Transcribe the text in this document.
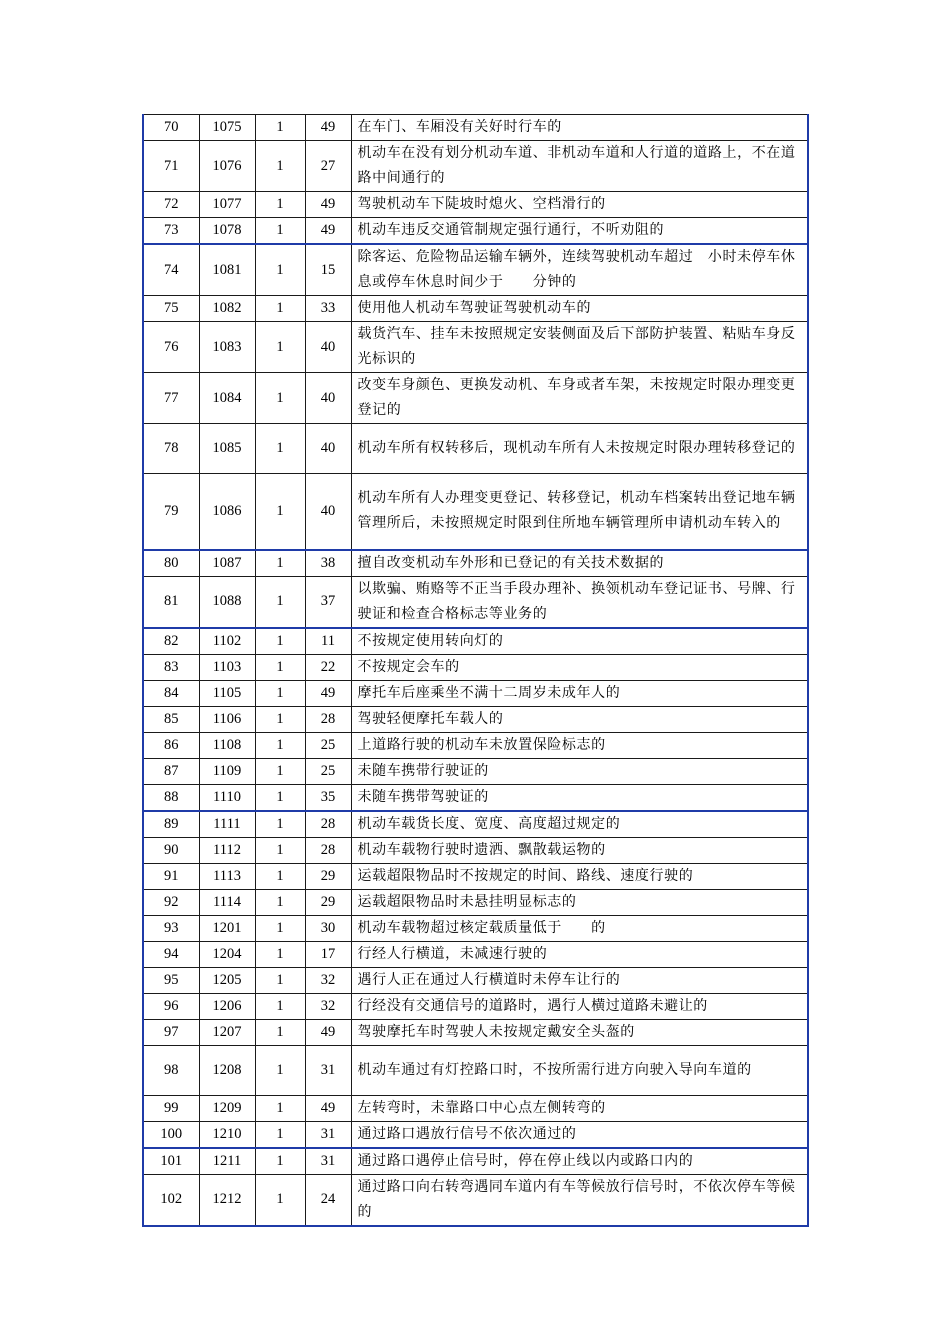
70	1075	1	49	在车门、车厢没有关好时行车的
71	1076	1	27	机动车在没有划分机动车道、非机动车道和人行道的道路上，不在道路中间通行的
72	1077	1	49	驾驶机动车下陡坡时熄火、空档滑行的
73	1078	1	49	机动车违反交通管制规定强行通行，不听劝阻的
74	1081	1	15	除客运、危险物品运输车辆外，连续驾驶机动车超过　小时未停车休息或停车休息时间少于　　分钟的
75	1082	1	33	使用他人机动车驾驶证驾驶机动车的
76	1083	1	40	载货汽车、挂车未按照规定安装侧面及后下部防护装置、粘贴车身反光标识的
77	1084	1	40	改变车身颜色、更换发动机、车身或者车架，未按规定时限办理变更登记的
78	1085	1	40	机动车所有权转移后，现机动车所有人未按规定时限办理转移登记的
79	1086	1	40	机动车所有人办理变更登记、转移登记，机动车档案转出登记地车辆管理所后，未按照规定时限到住所地车辆管理所申请机动车转入的
80	1087	1	38	擅自改变机动车外形和已登记的有关技术数据的
81	1088	1	37	以欺骗、贿赂等不正当手段办理补、换领机动车登记证书、号牌、行驶证和检查合格标志等业务的
82	1102	1	11	不按规定使用转向灯的
83	1103	1	22	不按规定会车的
84	1105	1	49	摩托车后座乘坐不满十二周岁未成年人的
85	1106	1	28	驾驶轻便摩托车载人的
86	1108	1	25	上道路行驶的机动车未放置保险标志的
87	1109	1	25	未随车携带行驶证的
88	1110	1	35	未随车携带驾驶证的
89	1111	1	28	机动车载货长度、宽度、高度超过规定的
90	1112	1	28	机动车载物行驶时遗洒、飘散载运物的
91	1113	1	29	运载超限物品时不按规定的时间、路线、速度行驶的
92	1114	1	29	运载超限物品时未悬挂明显标志的
93	1201	1	30	机动车载物超过核定载质量低于　　的
94	1204	1	17	行经人行横道，未减速行驶的
95	1205	1	32	遇行人正在通过人行横道时未停车让行的
96	1206	1	32	行经没有交通信号的道路时，遇行人横过道路未避让的
97	1207	1	49	驾驶摩托车时驾驶人未按规定戴安全头盔的
98	1208	1	31	机动车通过有灯控路口时，不按所需行进方向驶入导向车道的
99	1209	1	49	左转弯时，未靠路口中心点左侧转弯的
100	1210	1	31	通过路口遇放行信号不依次通过的
101	1211	1	31	通过路口遇停止信号时，停在停止线以内或路口内的
102	1212	1	24	通过路口向右转弯遇同车道内有车等候放行信号时，不依次停车等候的
